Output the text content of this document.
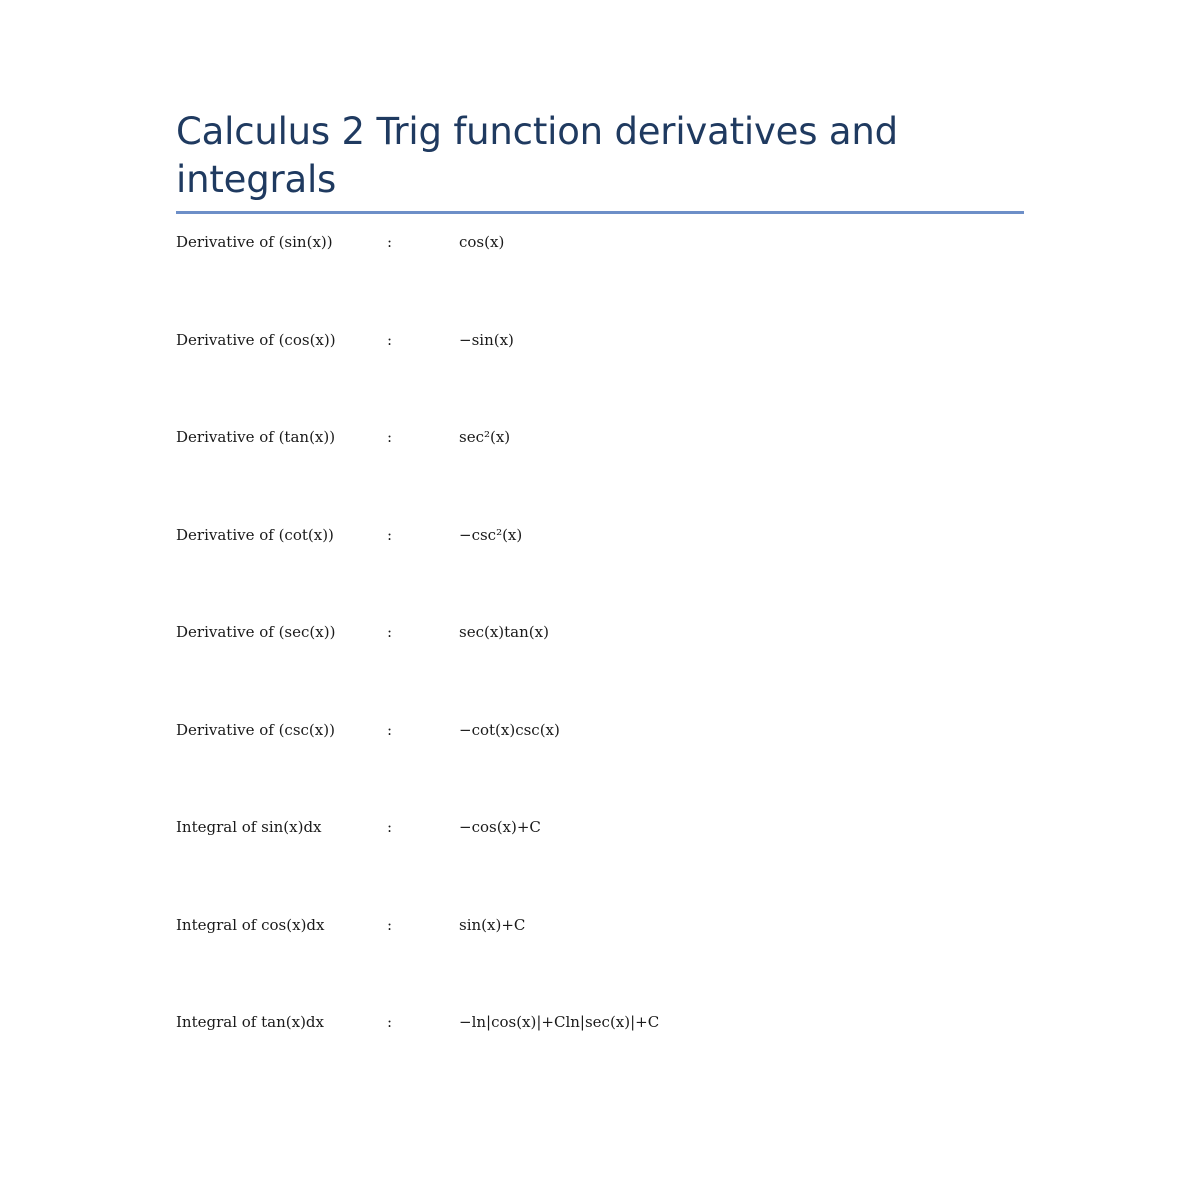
Calculus 2 Trig function derivatives and integrals
Derivative of (sin(x))	:	cos(x)
Derivative of (cos(x))	:	−sin(x)
Derivative of (tan(x))	:	sec²(x)
Derivative of (cot(x))	:	−csc²(x)
Derivative of (sec(x))	:	sec(x)tan(x)
Derivative of (csc(x))	:	−cot(x)csc(x)
Integral of sin(x)dx	:	−cos(x)+C
Integral of cos(x)dx	:	sin(x)+C
Integral of tan(x)dx	:	−ln|cos(x)|+Cln|sec(x)|+C
